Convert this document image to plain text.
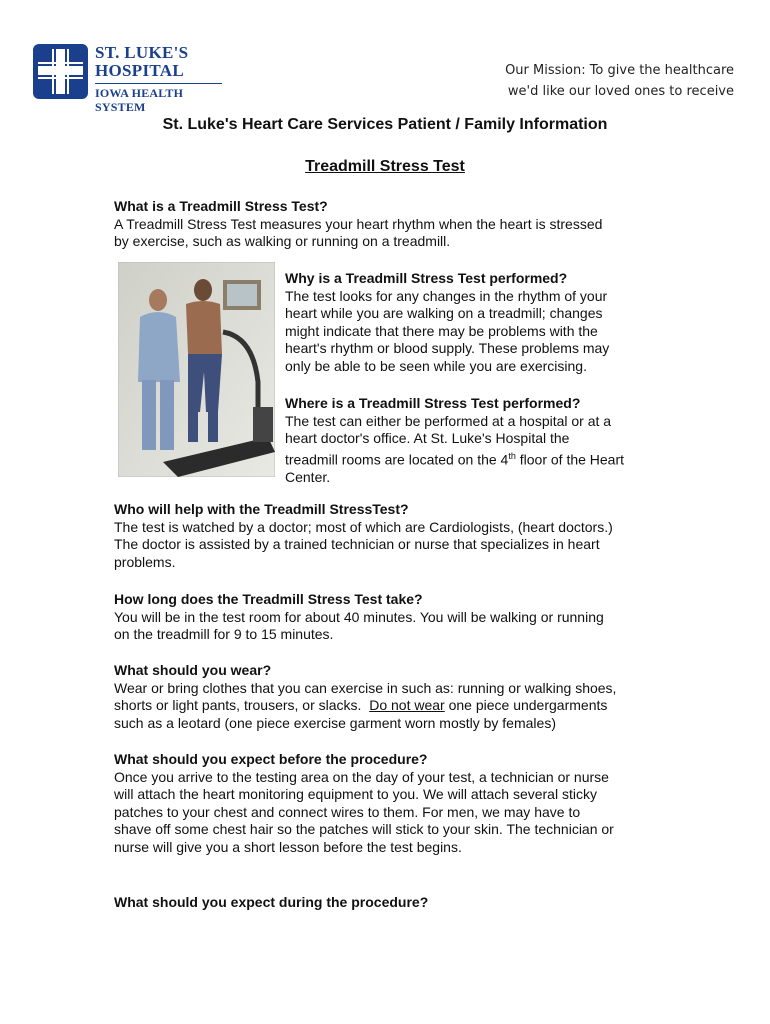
ST. LUKE'S
HOSPITAL
IOWA HEALTH SYSTEM
Our Mission: To give the healthcare
we'd like our loved ones to receive
St. Luke's Heart Care Services Patient / Family Information
Treadmill Stress Test
What is a Treadmill Stress Test?

A Treadmill Stress Test measures your heart rhythm when the heart is stressed

by exercise, such as walking or running on a treadmill.

Why is a Treadmill Stress Test performed?

The test looks for any changes in the rhythm of your

heart while you are walking on a treadmill; changes

might indicate that there may be problems with the

heart's rhythm or blood supply. These problems may

only be able to be seen while you are exercising.

Where is a Treadmill Stress Test performed?

The test can either be performed at a hospital or at a

heart doctor's office. At St. Luke's Hospital the

treadmill rooms are located on the 4th floor of the Heart

Center.

Who will help with the Treadmill StressTest?

The test is watched by a doctor; most of which are Cardiologists, (heart doctors.)

The doctor is assisted by a trained technician or nurse that specializes in heart

problems.

How long does the Treadmill Stress Test take?

You will be in the test room for about 40 minutes. You will be walking or running

on the treadmill for 9 to 15 minutes.

What should you wear?

Wear or bring clothes that you can exercise in such as: running or walking shoes,

shorts or light pants, trousers, or slacks.  Do not wear one piece undergarments

such as a leotard (one piece exercise garment worn mostly by females)

What should you expect before the procedure?

Once you arrive to the testing area on the day of your test, a technician or nurse

will attach the heart monitoring equipment to you. We will attach several sticky

patches to your chest and connect wires to them. For men, we may have to

shave off some chest hair so the patches will stick to your skin. The technician or

nurse will give you a short lesson before the test begins.

What should you expect during the procedure?
